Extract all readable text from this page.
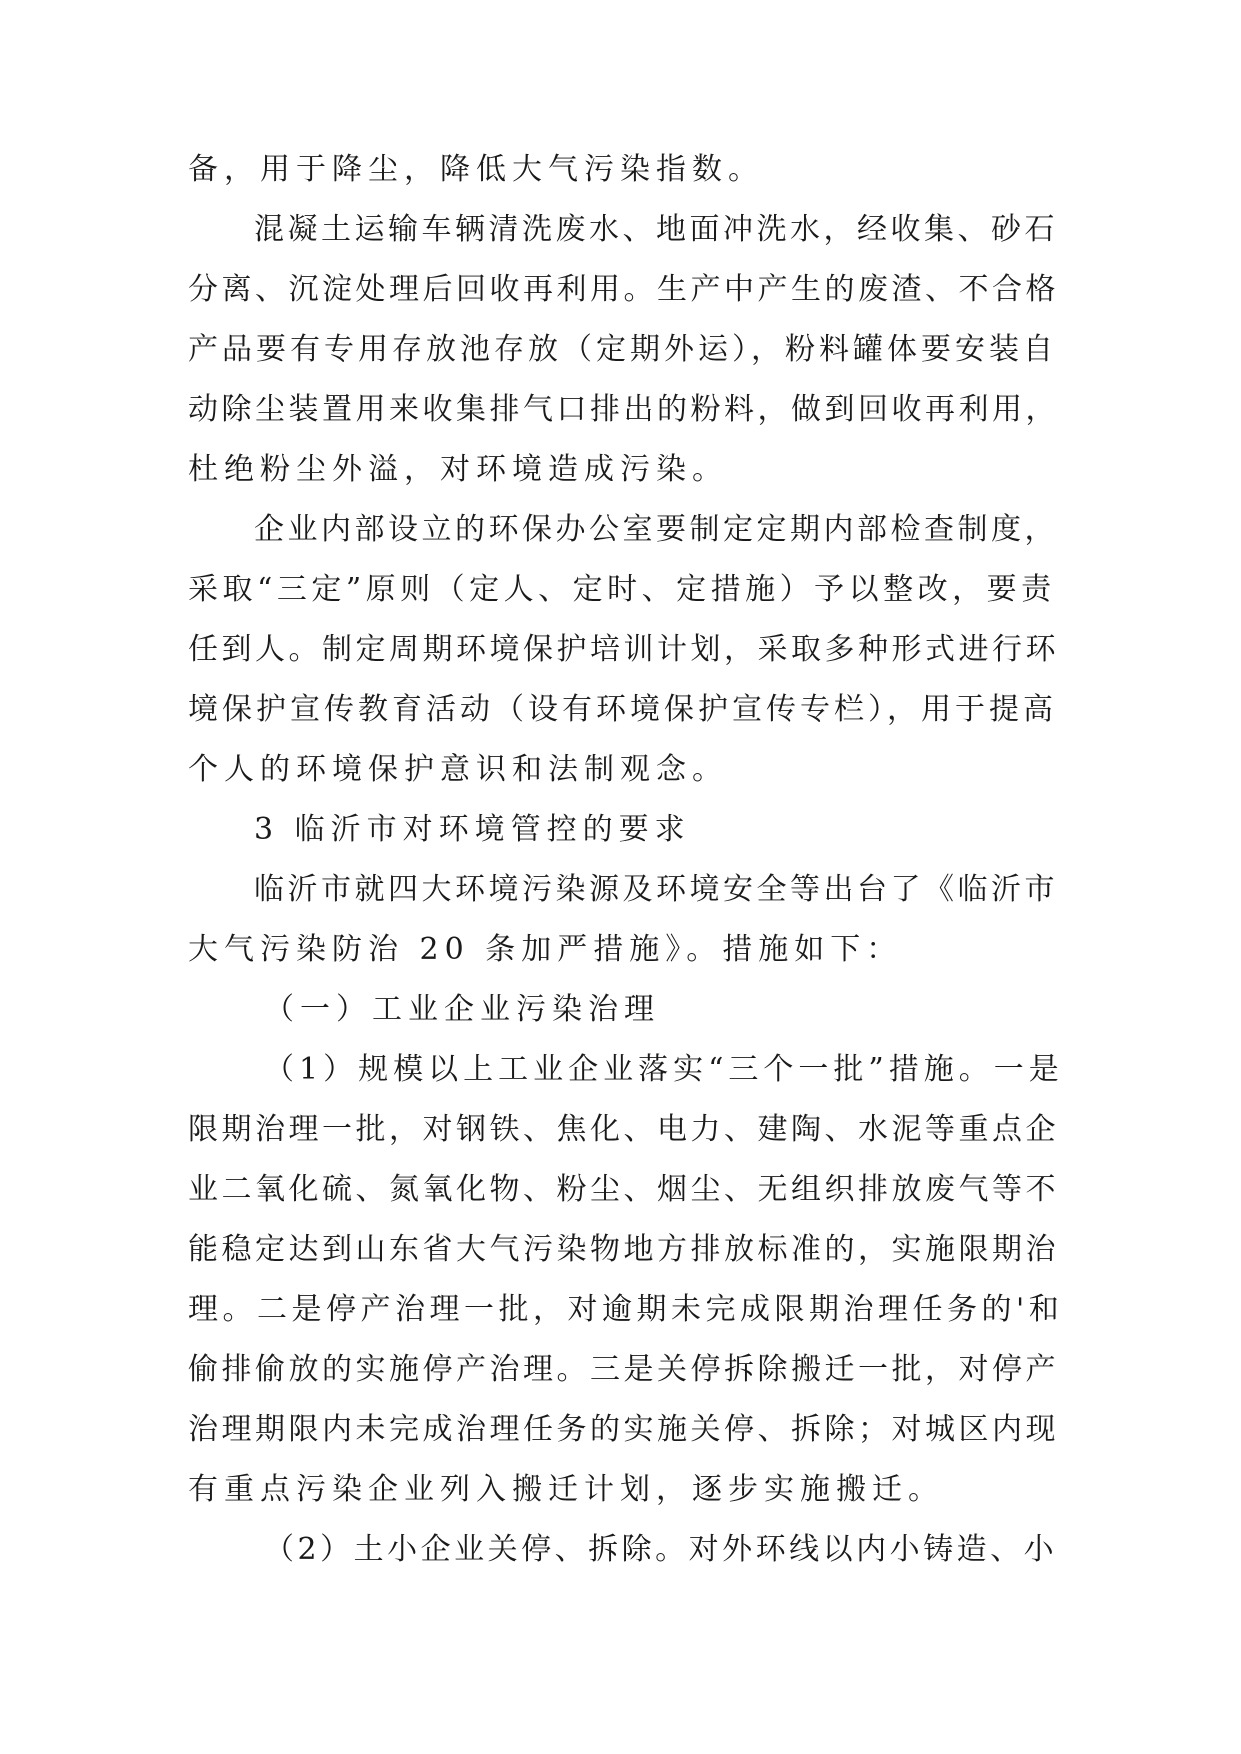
备，用于降尘，降低大气污染指数。
混凝土运输车辆清洗废水、地面冲洗水，经收集、砂石
分离、沉淀处理后回收再利用。生产中产生的废渣、不合格
产品要有专用存放池存放（定期外运），粉料罐体要安装自
动除尘装置用来收集排气口排出的粉料，做到回收再利用，
杜绝粉尘外溢，对环境造成污染。
企业内部设立的环保办公室要制定定期内部检查制度，
采取“三定”原则（定人、定时、定措施）予以整改，要责
任到人。制定周期环境保护培训计划，采取多种形式进行环
境保护宣传教育活动（设有环境保护宣传专栏），用于提高
个人的环境保护意识和法制观念。
3 临沂市对环境管控的要求
临沂市就四大环境污染源及环境安全等出台了《临沂市
大气污染防治 20 条加严措施》。措施如下：
（一）工业企业污染治理
（1）规模以上工业企业落实“三个一批”措施。一是
限期治理一批，对钢铁、焦化、电力、建陶、水泥等重点企
业二氧化硫、氮氧化物、粉尘、烟尘、无组织排放废气等不
能稳定达到山东省大气污染物地方排放标准的，实施限期治
理。二是停产治理一批，对逾期未完成限期治理任务的'和
偷排偷放的实施停产治理。三是关停拆除搬迁一批，对停产
治理期限内未完成治理任务的实施关停、拆除；对城区内现
有重点污染企业列入搬迁计划，逐步实施搬迁。
（2）土小企业关停、拆除。对外环线以内小铸造、小
